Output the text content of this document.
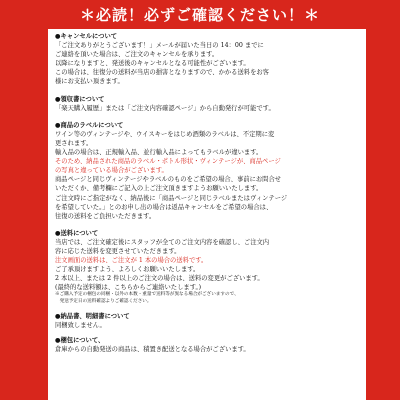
＊必読！必ずご確認ください！＊
●キャンセルについて
「ご注文ありがとうございます！」メールが届いた当日の 14：00 までに
ご連絡を頂いた場合は、ご注文のキャンセルを承ります。
以降になりますと、発送後のキャンセルとなる可能性がございます。
この場合は、往復分の送料が当店の損害となりますので、かかる送料をお客
様にお支払い頂きます。
●領収書について
「楽天購入履歴」または「ご注文内容確認ページ」から自動発行が可能です。
●商品のラベルについて
ワイン等のヴィンテージや、ウイスキーをはじめ酒類のラベルは、不定期に変
更されます。
輸入品の場合は、正規輸入品、並行輸入品によってもラベルが違います。
そのため、納品された商品のラベル・ボトル形状・ヴィンテージが、商品ページ
の写真と違っている場合がございます。
商品ページと同じヴィンテージやラベルのものをご希望の場合、事前にお問合せ
いただくか、備考欄にご記入の上ご注文頂きますようお願いいたします。
ご注文時にご指定がなく、納品後に「商品ページと同じラベルまたはヴィンテージ
を希望していた。」とのお申し出の場合は返品キャンセルをご希望の場合は、
往復の送料をご負担いただきます。
●送料について
当店では、ご注文確定後にスタッフが全てのご注文内容を確認し、ご注文内
容に応じた送料を変更させていただきます。
注文画面の送料は、ご注文が 1 本の場合の送料です。
ご了承頂けますよう、よろしくお願いいたします。
2 本以上、または 2 件以上のご注文の場合は、送料の変更がございます。
(最終的な送料額は、こちらからご連絡いたします。)
※ご購入予定の梱包の同梱・以外の本数・重量で送料等が異なる場合がございますので、
　発送予定日の送料確認よりご確認ください。
●納品書、明細書について
同梱致しません。
●梱包について、
倉庫からの自動発送の商品は、積置き配送となる場合がございます。
